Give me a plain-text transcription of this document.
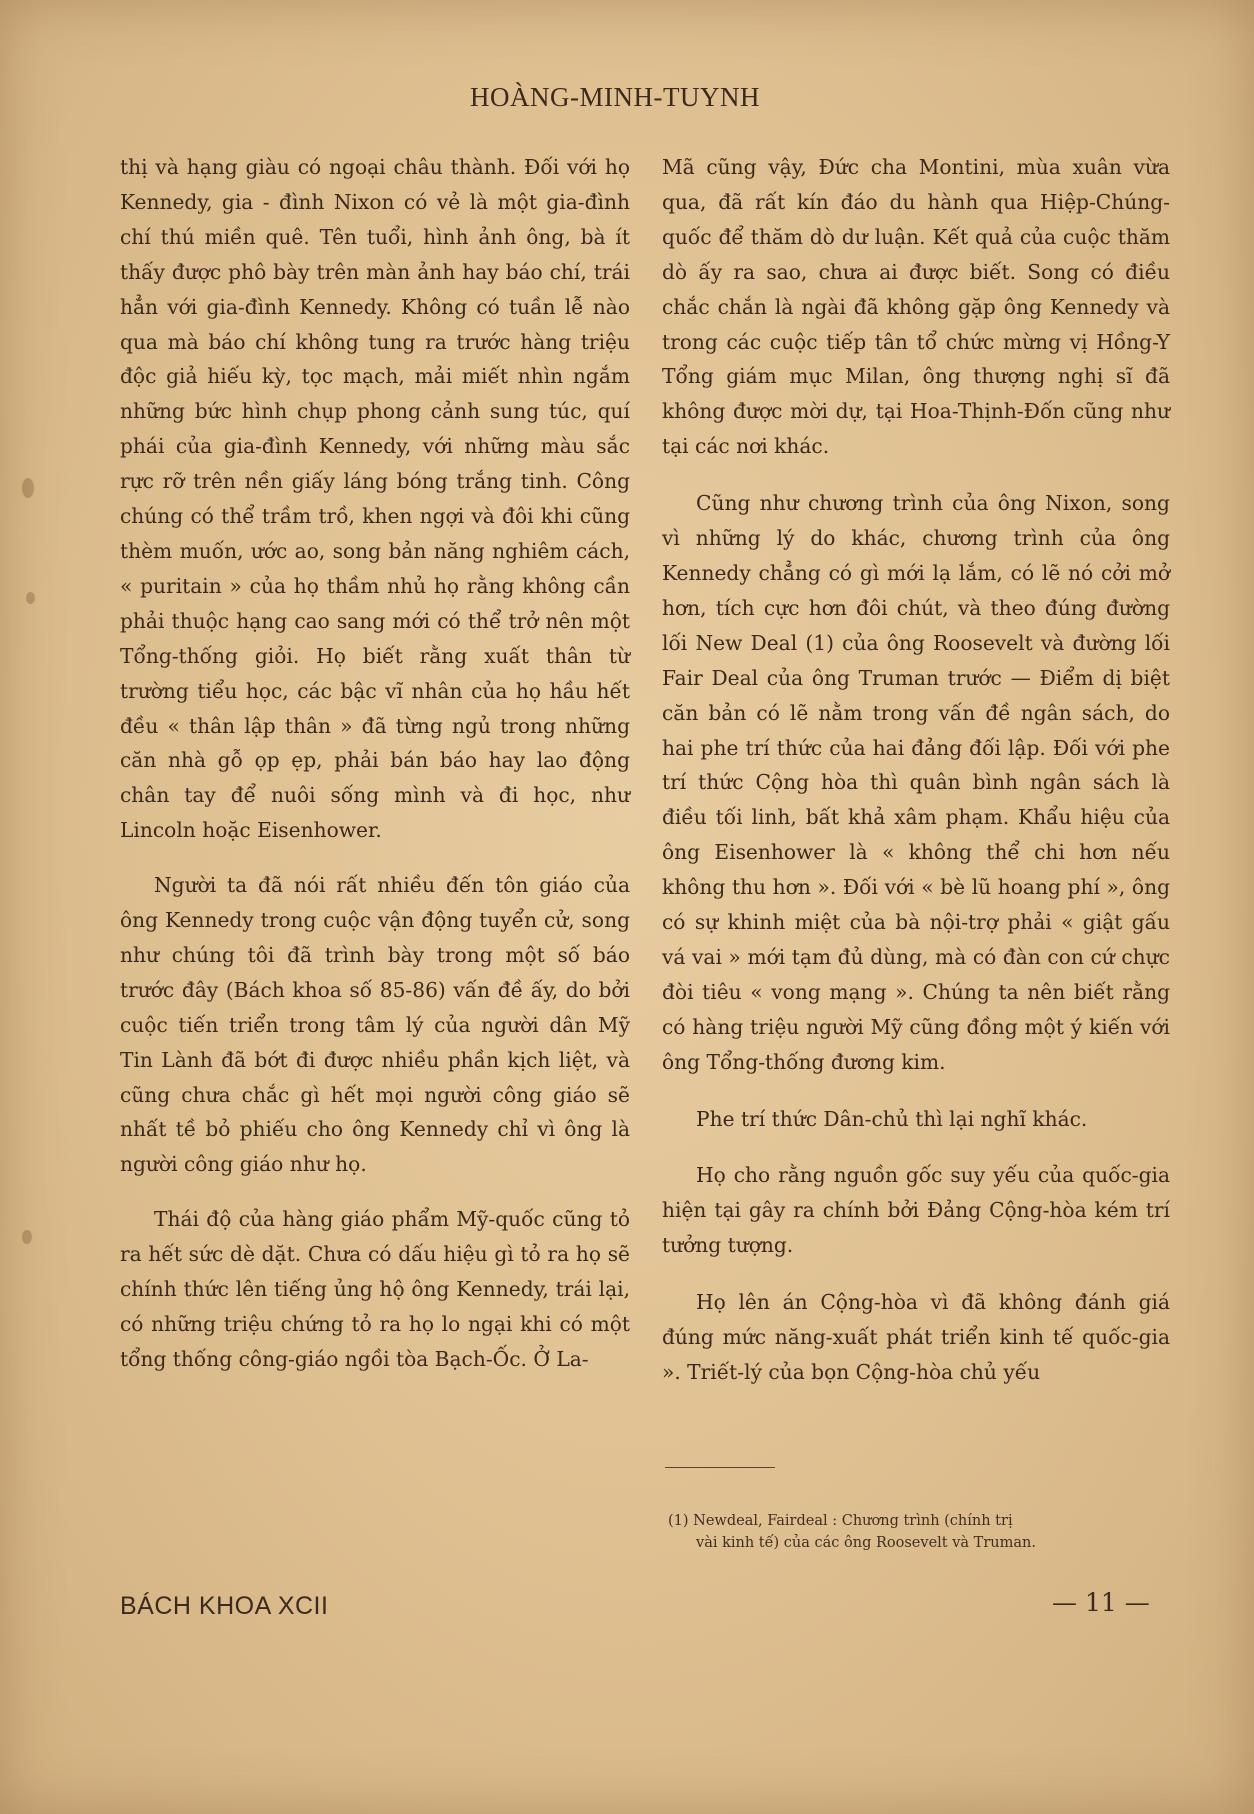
HOÀNG-MINH-TUYNH

thị và hạng giàu có ngoại châu thành. Đối với họ Kennedy, gia - đình Nixon có vẻ là một gia-đình chí thú miền quê. Tên tuổi, hình ảnh ông, bà ít thấy được phô bày trên màn ảnh hay báo chí, trái hẳn với gia-đình Kennedy. Không có tuần lễ nào qua mà báo chí không tung ra trước hàng triệu độc giả hiếu kỳ, tọc mạch, mải miết nhìn ngắm những bức hình chụp phong cảnh sung túc, quí phái của gia-đình Kennedy, với những màu sắc rực rỡ trên nền giấy láng bóng trắng tinh. Công chúng có thể trầm trồ, khen ngợi và đôi khi cũng thèm muốn, ước ao, song bản năng nghiêm cách, « puritain » của họ thầm nhủ họ rằng không cần phải thuộc hạng cao sang mới có thể trở nên một Tổng-thống giỏi. Họ biết rằng xuất thân từ trường tiểu học, các bậc vĩ nhân của họ hầu hết đều « thân lập thân » đã từng ngủ trong những căn nhà gỗ ọp ẹp, phải bán báo hay lao động chân tay để nuôi sống mình và đi học, như Lincoln hoặc Eisenhower.

Người ta đã nói rất nhiều đến tôn giáo của ông Kennedy trong cuộc vận động tuyển cử, song như chúng tôi đã trình bày trong một số báo trước đây (Bách khoa số 85-86) vấn đề ấy, do bởi cuộc tiến triển trong tâm lý của người dân Mỹ Tin Lành đã bớt đi được nhiều phần kịch liệt, và cũng chưa chắc gì hết mọi người công giáo sẽ nhất tề bỏ phiếu cho ông Kennedy chỉ vì ông là người công giáo như họ.

Thái độ của hàng giáo phẩm Mỹ-quốc cũng tỏ ra hết sức dè dặt. Chưa có dấu hiệu gì tỏ ra họ sẽ chính thức lên tiếng ủng hộ ông Kennedy, trái lại, có những triệu chứng tỏ ra họ lo ngại khi có một tổng thống công-giáo ngồi tòa Bạch-Ốc. Ở La-

Mã cũng vậy, Đức cha Montini, mùa xuân vừa qua, đã rất kín đáo du hành qua Hiệp-Chúng-quốc để thăm dò dư luận. Kết quả của cuộc thăm dò ấy ra sao, chưa ai được biết. Song có điều chắc chắn là ngài đã không gặp ông Kennedy và trong các cuộc tiếp tân tổ chức mừng vị Hồng-Y Tổng giám mục Milan, ông thượng nghị sĩ đã không được mời dự, tại Hoa-Thịnh-Đốn cũng như tại các nơi khác.

Cũng như chương trình của ông Nixon, song vì những lý do khác, chương trình của ông Kennedy chẳng có gì mới lạ lắm, có lẽ nó cởi mở hơn, tích cực hơn đôi chút, và theo đúng đường lối New Deal (1) của ông Roosevelt và đường lối Fair Deal của ông Truman trước — Điểm dị biệt căn bản có lẽ nằm trong vấn đề ngân sách, do hai phe trí thức của hai đảng đối lập. Đối với phe trí thức Cộng hòa thì quân bình ngân sách là điều tối linh, bất khả xâm phạm. Khẩu hiệu của ông Eisenhower là « không thể chi hơn nếu không thu hơn ». Đối với « bè lũ hoang phí », ông có sự khinh miệt của bà nội-trợ phải « giật gấu vá vai » mới tạm đủ dùng, mà có đàn con cứ chực đòi tiêu « vong mạng ». Chúng ta nên biết rằng có hàng triệu người Mỹ cũng đồng một ý kiến với ông Tổng-thống đương kim.

Phe trí thức Dân-chủ thì lại nghĩ khác.

Họ cho rằng nguồn gốc suy yếu của quốc-gia hiện tại gây ra chính bởi Đảng Cộng-hòa kém trí tưởng tượng.

Họ lên án Cộng-hòa vì đã không đánh giá đúng mức năng-xuất phát triển kinh tế quốc-gia ». Triết-lý của bọn Cộng-hòa chủ yếu

(1) Newdeal, Fairdeal : Chương trình (chính trị
vài kinh tế) của các ông Roosevelt và Truman.
BÁCH KHOA XCII	— 11 —
